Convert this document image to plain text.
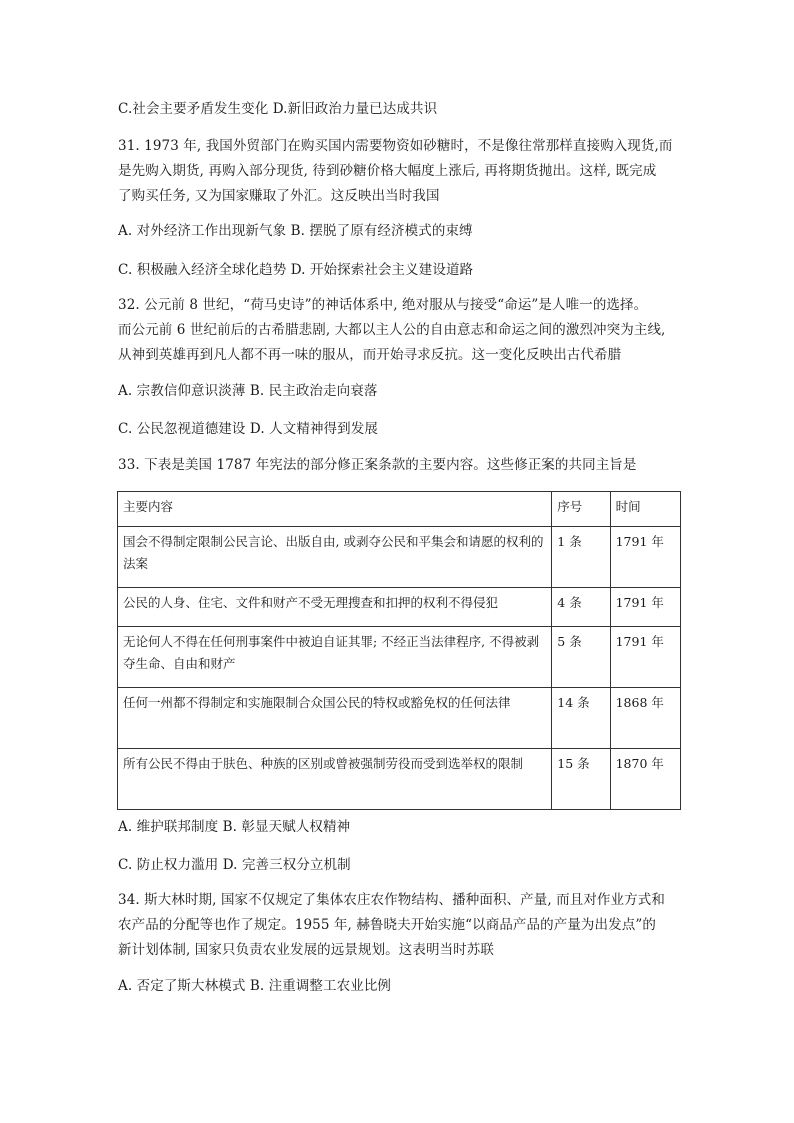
C.社会主要矛盾发生变化 D.新旧政治力量已达成共识
31. 1973 年, 我国外贸部门在购买国内需要物资如砂糖时，不是像往常那样直接购入现货,而
是先购入期货, 再购入部分现货, 待到砂糖价格大幅度上涨后, 再将期货抛出。这样, 既完成
了购买任务, 又为国家赚取了外汇。这反映出当时我国
A. 对外经济工作出现新气象 B. 摆脱了原有经济模式的束缚
C. 积极融入经济全球化趋势 D. 开始探索社会主义建设道路
32. 公元前 8 世纪，“荷马史诗”的神话体系中, 绝对服从与接受“命运”是人唯一的选择。
而公元前 6 世纪前后的古希腊悲剧, 大都以主人公的自由意志和命运之间的激烈冲突为主线,
从神到英雄再到凡人都不再一味的服从，而开始寻求反抗。这一变化反映出古代希腊
A. 宗教信仰意识淡薄 B. 民主政治走向衰落
C. 公民忽视道德建设 D. 人文精神得到发展
33. 下表是美国 1787 年宪法的部分修正案条款的主要内容。这些修正案的共同主旨是
主要内容	序号	时间
国会不得制定限制公民言论、出版自由, 或剥夺公民和平集会和请愿的权利的法案	1 条	1791 年
公民的人身、住宅、文件和财产不受无理搜查和扣押的权利不得侵犯	4 条	1791 年
无论何人不得在任何刑事案件中被迫自证其罪; 不经正当法律程序, 不得被剥夺生命、自由和财产	5 条	1791 年
任何一州都不得制定和实施限制合众国公民的特权或豁免权的任何法律	14 条	1868 年
所有公民不得由于肤色、种族的区别或曾被强制劳役而受到选举权的限制	15 条	1870 年
A. 维护联邦制度 B. 彰显天赋人权精神
C. 防止权力滥用 D. 完善三权分立机制
34. 斯大林时期, 国家不仅规定了集体农庄农作物结构、播种面积、产量, 而且对作业方式和
农产品的分配等也作了规定。1955 年, 赫鲁晓夫开始实施“以商品产品的产量为出发点”的
新计划体制, 国家只负责农业发展的远景规划。这表明当时苏联
A. 否定了斯大林模式 B. 注重调整工农业比例
